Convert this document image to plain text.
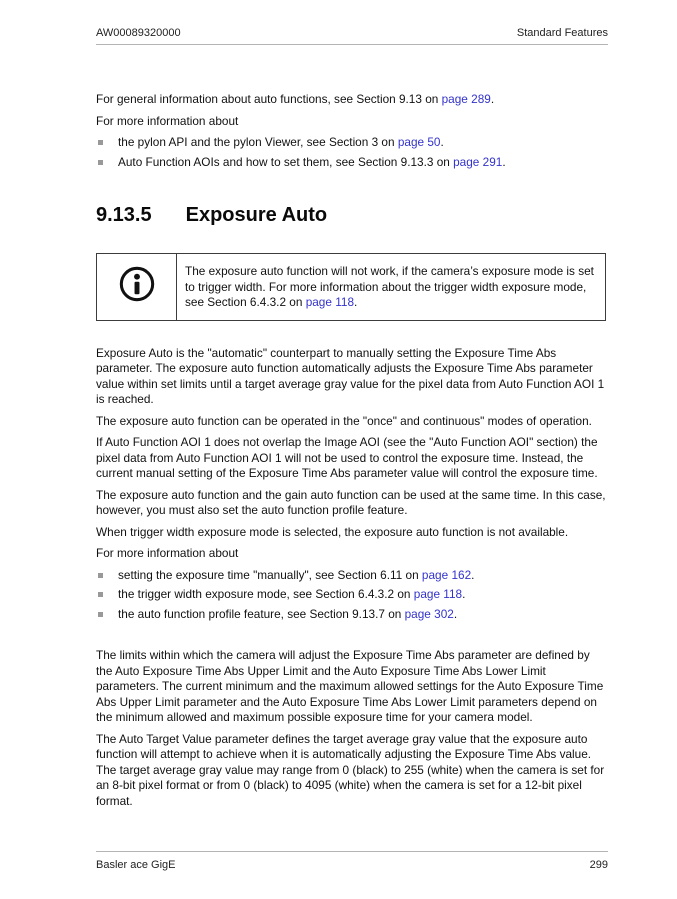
AW00089320000	Standard Features

For general information about auto functions, see Section 9.13 on page 289.

For more information about

the pylon API and the pylon Viewer, see Section 3 on page 50.
Auto Function AOIs and how to set them, see Section 9.13.3 on page 291.
9.13.5 Exposure Auto
The exposure auto function will not work, if the camera’s exposure mode is set to trigger width. For more information about the trigger width exposure mode, see Section 6.4.3.2 on page 118.

Exposure Auto is the "automatic" counterpart to manually setting the Exposure Time Abs parameter. The exposure auto function automatically adjusts the Exposure Time Abs parameter value within set limits until a target average gray value for the pixel data from Auto Function AOI 1 is reached.

The exposure auto function can be operated in the "once" and continuous" modes of operation.

If Auto Function AOI 1 does not overlap the Image AOI (see the "Auto Function AOI" section) the pixel data from Auto Function AOI 1 will not be used to control the exposure time. Instead, the current manual setting of the Exposure Time Abs parameter value will control the exposure time.

The exposure auto function and the gain auto function can be used at the same time. In this case, however, you must also set the auto function profile feature.

When trigger width exposure mode is selected, the exposure auto function is not available.

For more information about

setting the exposure time "manually", see Section 6.11 on page 162.
the trigger width exposure mode, see Section 6.4.3.2 on page 118.
the auto function profile feature, see Section 9.13.7 on page 302.

The limits within which the camera will adjust the Exposure Time Abs parameter are defined by the Auto Exposure Time Abs Upper Limit and the Auto Exposure Time Abs Lower Limit parameters. The current minimum and the maximum allowed settings for the Auto Exposure Time Abs Upper Limit parameter and the Auto Exposure Time Abs Lower Limit parameters depend on the minimum allowed and maximum possible exposure time for your camera model.

The Auto Target Value parameter defines the target average gray value that the exposure auto function will attempt to achieve when it is automatically adjusting the Exposure Time Abs value. The target average gray value may range from 0 (black) to 255 (white) when the camera is set for an 8-bit pixel format or from 0 (black) to 4095 (white) when the camera is set for a 12-bit pixel format.

Basler ace GigE	299
